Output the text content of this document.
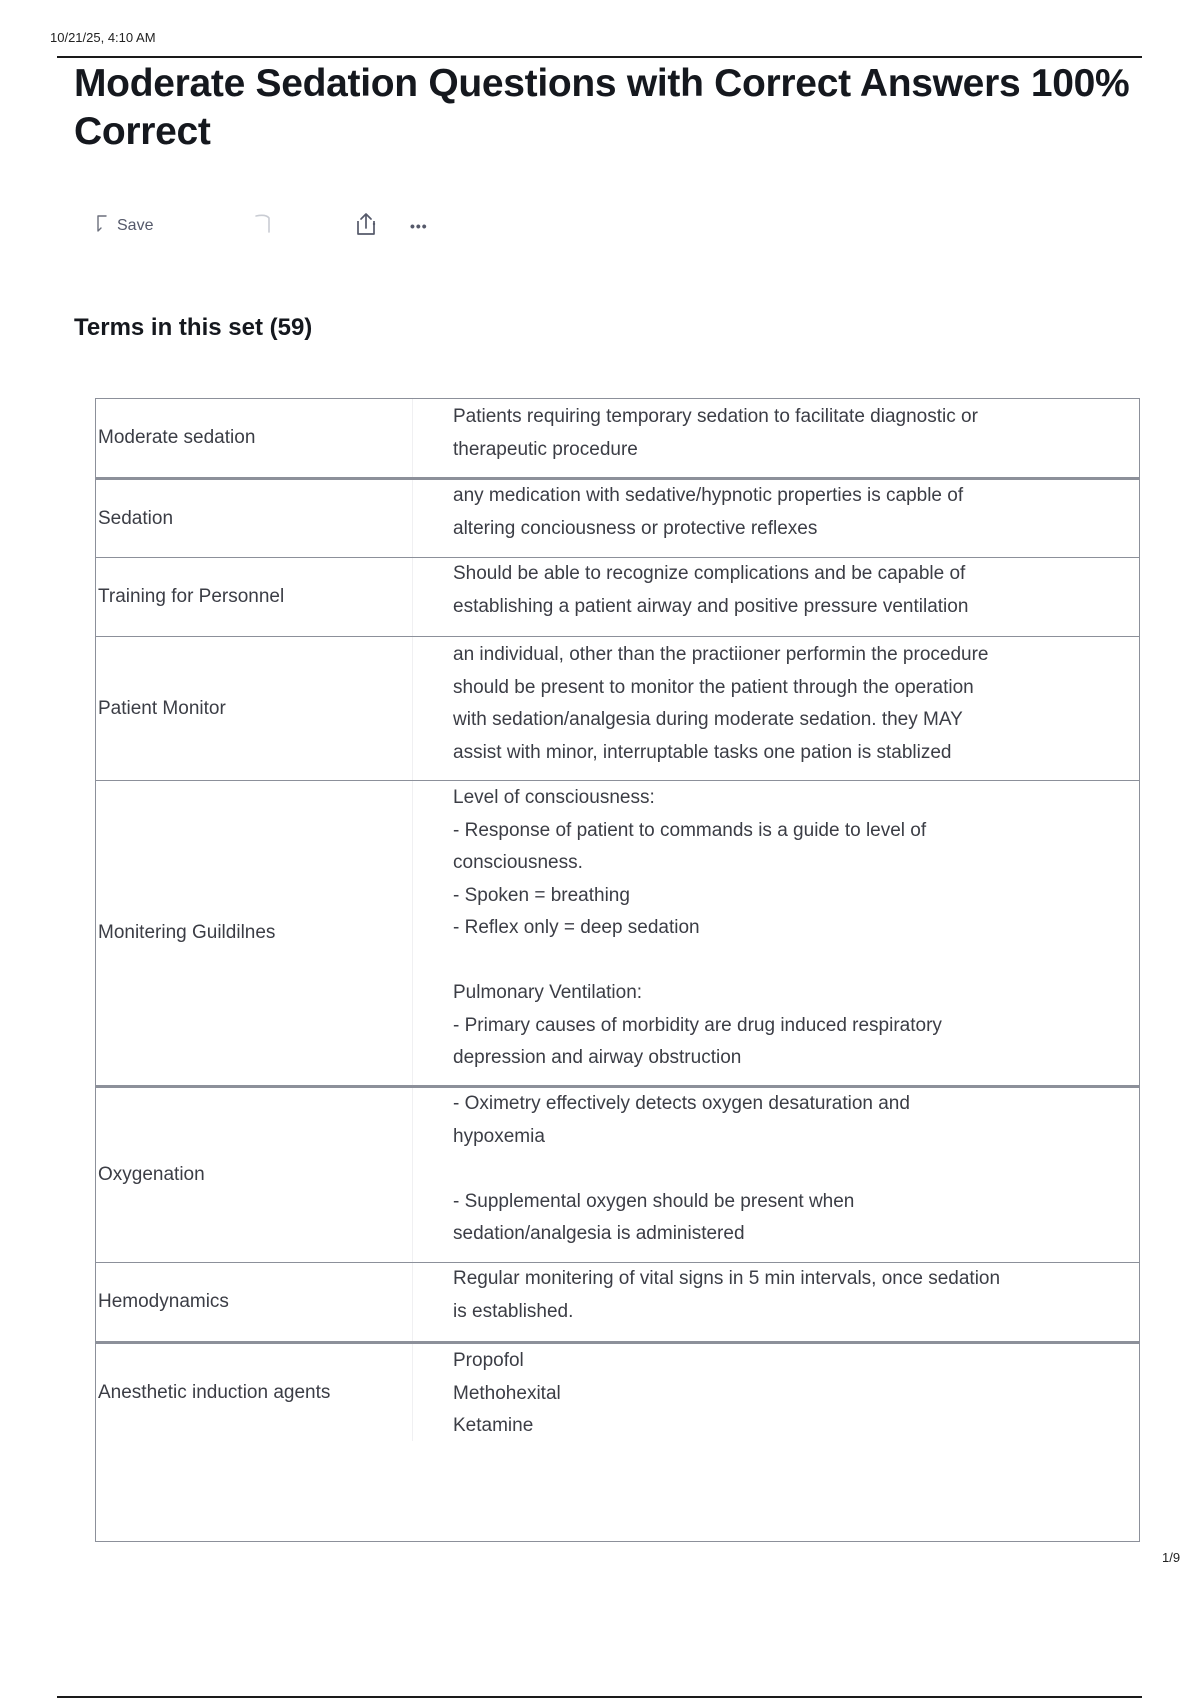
10/21/25, 4:10 AM
Moderate Sedation Questions with Correct Answers 100% Correct
Save	•••
Terms in this set (59)
Moderate sedation
Patients requiring temporary sedation to facilitate diagnostic or
therapeutic procedure
Sedation
any medication with sedative/hypnotic properties is capble of
altering conciousness or protective reflexes
Training for Personnel
Should be able to recognize complications and be capable of
establishing a patient airway and positive pressure ventilation
Patient Monitor
an individual, other than the practiioner performin the procedure
should be present to monitor the patient through the operation
with sedation/analgesia during moderate sedation. they MAY
assist with minor, interruptable tasks one pation is stablized
Monitering Guildilnes
Level of consciousness:
- Response of patient to commands is a guide to level of
consciousness.
- Spoken = breathing
- Reflex only = deep sedation

Pulmonary Ventilation:
- Primary causes of morbidity are drug induced respiratory
depression and airway obstruction
Oxygenation
- Oximetry effectively detects oxygen desaturation and
hypoxemia

- Supplemental oxygen should be present when
sedation/analgesia is administered
Hemodynamics
Regular monitering of vital signs in 5 min intervals, once sedation
is established.
Anesthetic induction agents
Propofol
Methohexital
Ketamine
1/9
